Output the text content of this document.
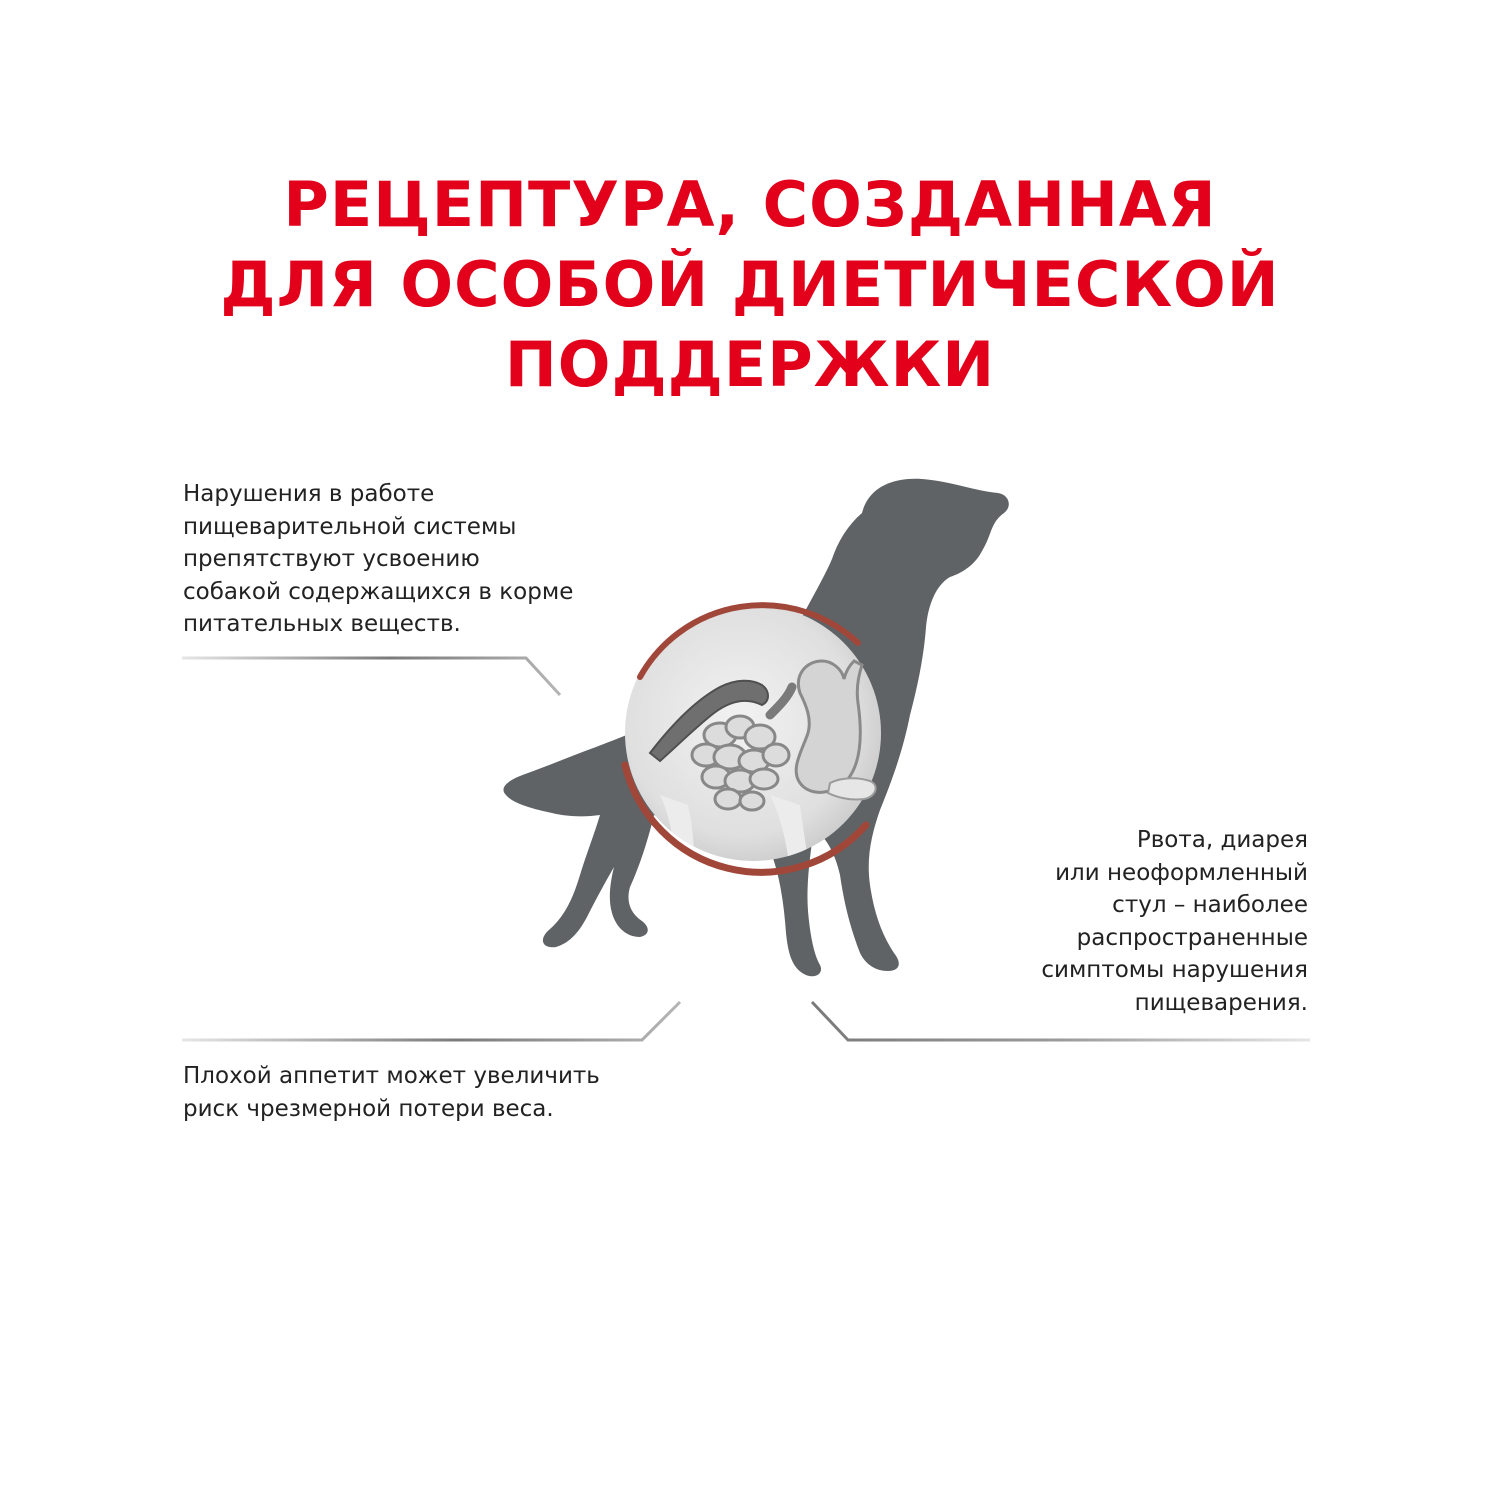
РЕЦЕПТУРА, СОЗДАННАЯ
ДЛЯ ОСОБОЙ ДИЕТИЧЕСКОЙ
ПОДДЕРЖКИ
Нарушения в работе
пищеварительной системы
препятствуют усвоению
собакой содержащихся в корме
питательных веществ.
Рвота, диарея
или неоформленный
стул – наиболее
распространенные
симптомы нарушения
пищеварения.
Плохой аппетит может увеличить
риск чрезмерной потери веса.
